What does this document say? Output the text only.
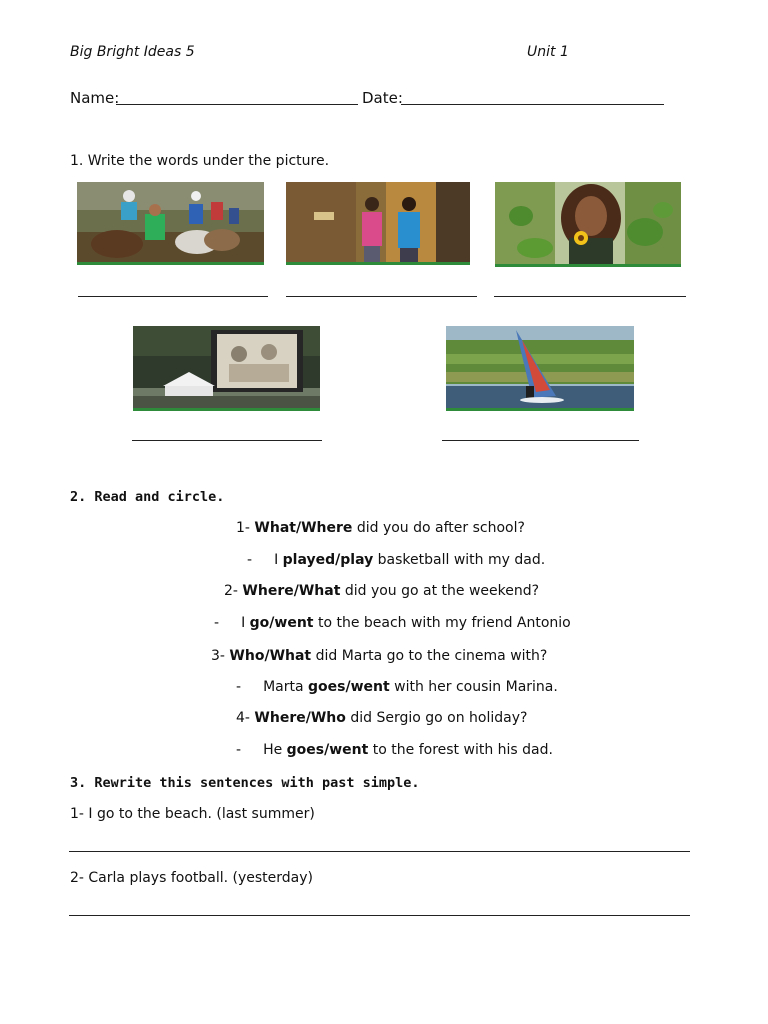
Big Bright Ideas 5	Unit 1
Name:	Date:
1. Write the words under the picture.
2. Read and circle.
1- What/Where did you do after school?
- I played/play basketball with my dad.
2- Where/What did you go at the weekend?
- I go/went to the beach with my friend Antonio
3- Who/What did Marta go to the cinema with?
- Marta goes/went with her cousin Marina.
4- Where/Who did Sergio go on holiday?
- He goes/went to the forest with his dad.
3. Rewrite this sentences with past simple.
1- I go to the beach. (last summer)
2- Carla plays football. (yesterday)
